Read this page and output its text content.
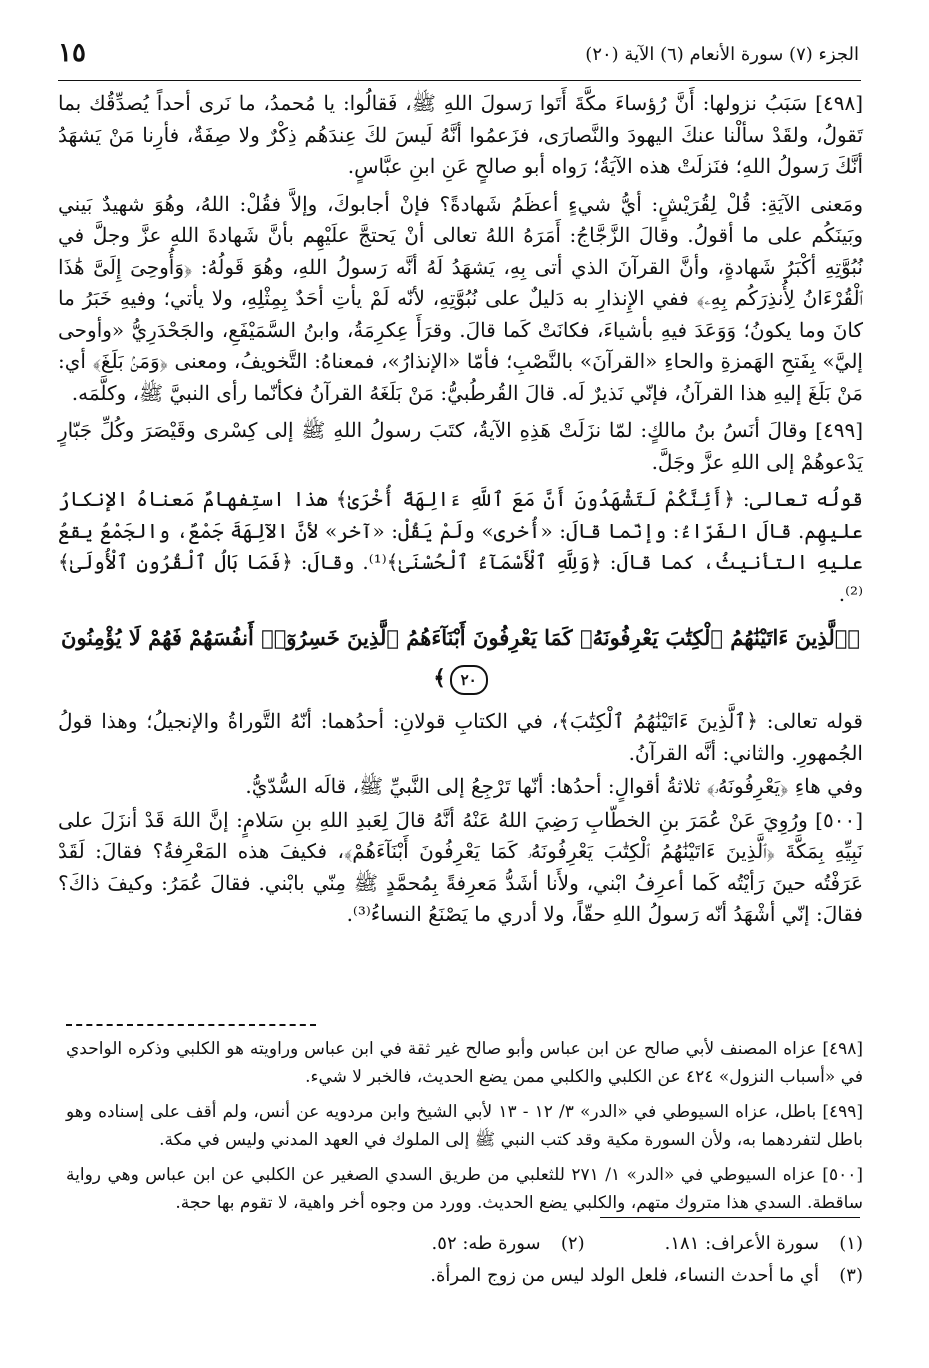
الجزء (٧) سورة الأنعام (٦) الآية (٢٠)
١٥

[٤٩٨] سَبَبُ نزولها: أَنَّ رُؤساءَ مكَّةَ أَتَوا رَسولَ اللهِ ﷺ، فَقالُوا: يا مُحمدُ، ما نَرى أحداً يُصدِّقُك بما تَقولُ، ولقَدْ سألْنا عنكَ اليهودَ والنَّصارَى، فزَعمُوا أنَّهُ لَيسَ لكَ عِندَهُم ذِكْرٌ ولا صِفَةٌ، فأرِنا مَنْ يَشهَدُ أنَّكَ رَسولُ اللهِ؛ فنَزلَتْ هذه الآيَةُ؛ رَواه أبو صالحٍ عَنِ ابنِ عبَّاسٍ.

ومَعنى الآيَةِ: قُلْ لِقُرَيْشٍ: أيُّ شيءٍ أعظَمُ شَهادةً؟ فإنْ أجابوكَ، وإلاَّ فقُلْ: اللهُ، وهُوَ شهيدٌ بَيني وبَينَكُم على ما أقولُ. وقالَ الزَّجَّاجُ: أَمَرَهُ اللهُ تعالى أنْ يَحتجَّ علَيْهِم بأنَّ شَهادةَ اللهِ عزَّ وجلَّ في نُبُوَّتِهِ أكْبَرُ شَهادةٍ، وأنَّ القرآنَ الذي أتى بِهِ، يَشهَدُ لَهُ أنَّه رَسولُ اللهِ، وهُوَ قَولُهُ: ﴿وَأُوحِىَ إِلَىَّ هَٰذَا ٱلْقُرْءَانُ لِأُنذِرَكُم بِهِۦ﴾ ففي الإِنذارِ به دَليلٌ على نُبُوَّتِهِ، لأنّه لَمْ يأتِ أحَدٌ بِمِثْلِهِ، ولا يأتي؛ وفيهِ خَبَرُ ما كانَ وما يكونُ؛ وَوَعَدَ فيهِ بأشياءَ، فكانَتْ كَما قالَ. وقرَأَ عِكرِمَةُ، وابنُ السَّمَيْفَعِ، والجَحْدَرِيُّ «وأوحى إليَّ» بِفَتحِ الهَمزةِ والحاءِ «القرآنَ» بالنَّصْبِ؛ فأمّا «الإنذارُ»، فمعناهُ: التَّخويفُ، ومعنى ﴿وَمَنۢ بَلَغَ﴾ أي: مَنْ بَلَغَ إليهِ هذا القرآنُ، فإنّي نَذيرٌ لَه. قالَ القُرطُبيُّ: مَنْ بَلَغَهُ القرآنُ فكأنّما رأى النبيَّ ﷺ، وكلَّمَه.

[٤٩٩] وقالَ أنَسُ بنُ مالكٍ: لمّا نزَلَتْ هَذِهِ الآيةُ، كتَبَ رسولُ اللهِ ﷺ إلى كِسْرى وقَيْصَرَ وكُلِّ جَبّارٍ يَدْعوهُمْ إلى اللهِ عزَّ وجَلَّ.

قولُه تعالى: ﴿أَئِنَّكُمْ لَتَشْهَدُونَ أَنَّ مَعَ ٱللَّهِ ءَالِهَةً أُخْرَىٰ﴾ هذا استِفهامٌ مَعناهُ الإنكارُ عليهِم. قالَ الفَرّاءُ: وإنّما قالَ: «أُخرى» ولَمْ يَقُلْ: «آخر» لأنَّ الآلِهَةَ جَمْعٌ، والجَمْعُ يقعُ عليهِ التأنيثُ، كما قالَ: ﴿وَلِلَّهِ ٱلْأَسْمَآءُ ٱلْحُسْنَىٰ﴾⁽¹⁾. وقالَ: ﴿فَمَا بَالُ ٱلْقُرُونِ ٱلْأُولَىٰ﴾⁽²⁾.

﴿ٱلَّذِينَ ءَاتَيْنَٰهُمُ ٱلْكِتَٰبَ يَعْرِفُونَهُۥ كَمَا يَعْرِفُونَ أَبْنَآءَهُمُ ٱلَّذِينَ خَسِرُوٓا۟ أَنفُسَهُمْ فَهُمْ لَا يُؤْمِنُونَ ٢٠﴾

قوله تعالى: ﴿ٱلَّذِينَ ءَاتَيْنَٰهُمُ ٱلْكِتَٰبَ﴾، في الكتابِ قولانِ: أحدُهما: أنّهُ التَّوراةُ والإنجيلُ؛ وهذا قولُ الجُمهورِ. والثاني: أنَّه القرآنُ.

وفي هاءِ ﴿يَعْرِفُونَهُۥ﴾ ثلاثةُ أقوالٍ: أحدُها: أنّها تَرْجِعُ إلى النَّبيِّ ﷺ، قالَه السُّدّيُّ.

[٥٠٠] ورُوِيَ عَنْ عُمَرَ بنِ الخطّابِ رَضِيَ اللهُ عَنْهُ أنَّهُ قالَ لِعَبدِ اللهِ بنِ سَلامٍ: إنَّ اللهَ قَدْ أنزَلَ على نَبِيِّهِ بِمَكَّةَ ﴿ٱلَّذِينَ ءَاتَيْنَٰهُمُ ٱلْكِتَٰبَ يَعْرِفُونَهُۥ كَمَا يَعْرِفُونَ أَبْنَآءَهُمْ﴾، فكيفَ هذه المَعْرِفةُ؟ فقالَ: لَقَدْ عَرَفْتُه حينَ رَأيْتُه كَما أعرِفُ ابْني، ولأَنا أشَدُّ مَعرِفةً بِمُحمَّدٍ ﷺ مِنّي بابْني. فقالَ عُمَرُ: وكيفَ ذاكَ؟ فقالَ: إنّي أشْهَدُ أنّه رَسولُ اللهِ حقّاً، ولا أدري ما يَصْنَعُ النساءُ⁽³⁾.

[٤٩٨] عزاه المصنف لأبي صالح عن ابن عباس وأبو صالح غير ثقة في ابن عباس وراويته هو الكلبي وذكره الواحدي في «أسباب النزول» ٤٢٤ عن الكلبي والكلبي ممن يضع الحديث، فالخبر لا شيء.

[٤٩٩] باطل، عزاه السيوطي في «الدر» ٣/ ١٢ - ١٣ لأبي الشيخ وابن مردويه عن أنس، ولم أقف على إسناده وهو باطل لتفردهما به، ولأن السورة مكية وقد كتب النبي ﷺ إلى الملوك في العهد المدني وليس في مكة.

[٥٠٠] عزاه السيوطي في «الدر» ١/ ٢٧١ للثعلبي من طريق السدي الصغير عن الكلبي عن ابن عباس وهي رواية ساقطة. السدي هذا متروك متهم، والكلبي يضع الحديث. وورد من وجوه أخر واهية، لا تقوم بها حجة.

(١)سورة الأعراف: ١٨١.(٢)سورة طه: ٥٢.
(٣)أي ما أحدث النساء، فلعل الولد ليس من زوج المرأة.
